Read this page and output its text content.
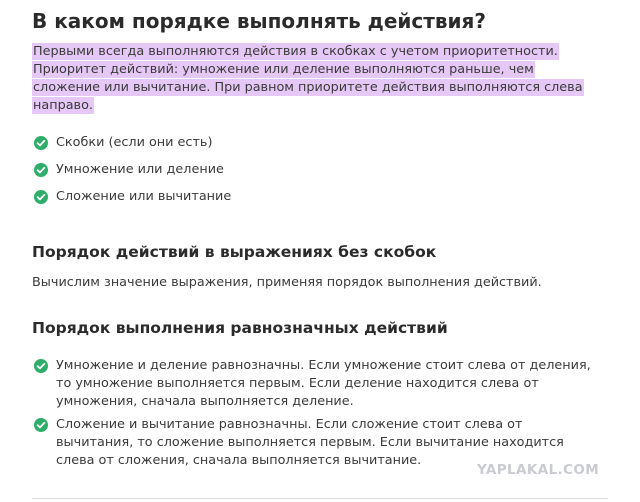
В каком порядке выполнять действия?
Первыми всегда выполняются действия в скобках с учетом приоритетности.
Приоритет действий: умножение или деление выполняются раньше, чем
сложение или вычитание. При равном приоритете действия выполняются слева
направо.
Скобки (если они есть)
Умножение или деление
Сложение или вычитание
Порядок действий в выражениях без скобок

Вычислим значение выражения, применяя порядок выполнения действий.

Порядок выполнения равнозначных действий
Умножение и деление равнозначны. Если умножение стоит слева от деления,
то умножение выполняется первым. Если деление находится слева от
умножения, сначала выполняется деление.
Сложение и вычитание равнозначны. Если сложение стоит слева от
вычитания, то сложение выполняется первым. Если вычитание находится
слева от сложения, сначала выполняется вычитание.
YAPLAKAL.COM
